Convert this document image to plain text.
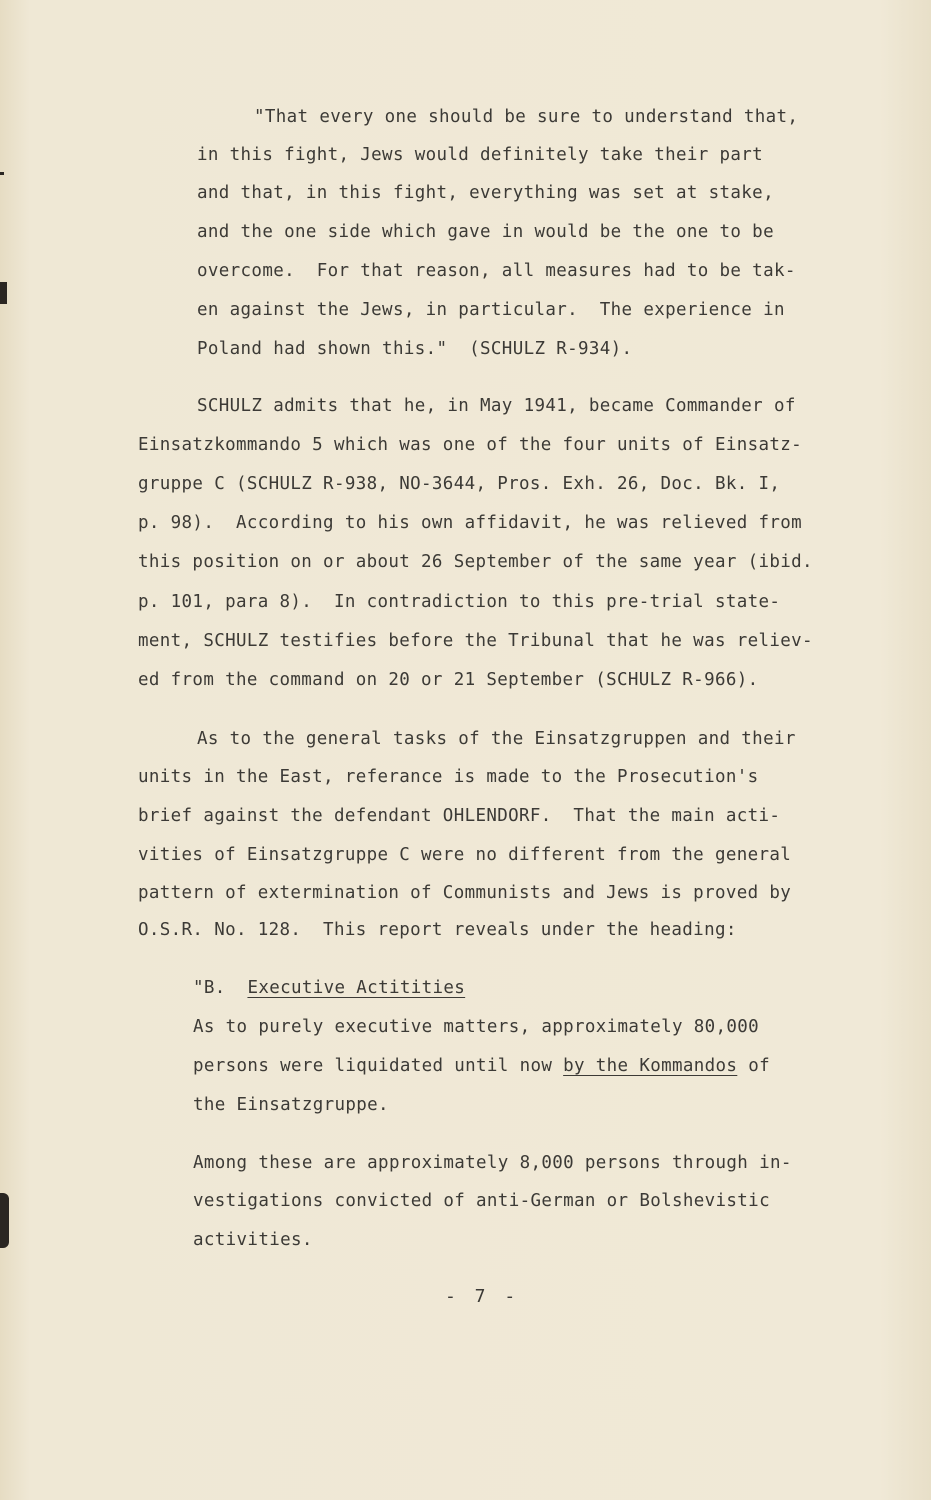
"That every one should be sure to understand that,
in this fight, Jews would definitely take their part
and that, in this fight, everything was set at stake,
and the one side which gave in would be the one to be
overcome.  For that reason, all measures had to be tak-
en against the Jews, in particular.  The experience in
Poland had shown this."  (SCHULZ R-934).
SCHULZ admits that he, in May 1941, became Commander of
Einsatzkommando 5 which was one of the four units of Einsatz-
gruppe C (SCHULZ R-938, NO-3644, Pros. Exh. 26, Doc. Bk. I,
p. 98).  According to his own affidavit, he was relieved from
this position on or about 26 September of the same year (ibid.
p. 101, para 8).  In contradiction to this pre-trial state-
ment, SCHULZ testifies before the Tribunal that he was reliev-
ed from the command on 20 or 21 September (SCHULZ R-966).
As to the general tasks of the Einsatzgruppen and their
units in the East, referance is made to the Prosecution's
brief against the defendant OHLENDORF.  That the main acti-
vities of Einsatzgruppe C were no different from the general
pattern of extermination of Communists and Jews is proved by
O.S.R. No. 128.  This report reveals under the heading:
"B.  Executive Actitities
As to purely executive matters, approximately 80,000
persons were liquidated until now by the Kommandos of
the Einsatzgruppe.
Among these are approximately 8,000 persons through in-
vestigations convicted of anti-German or Bolshevistic
activities.
- 7 -
